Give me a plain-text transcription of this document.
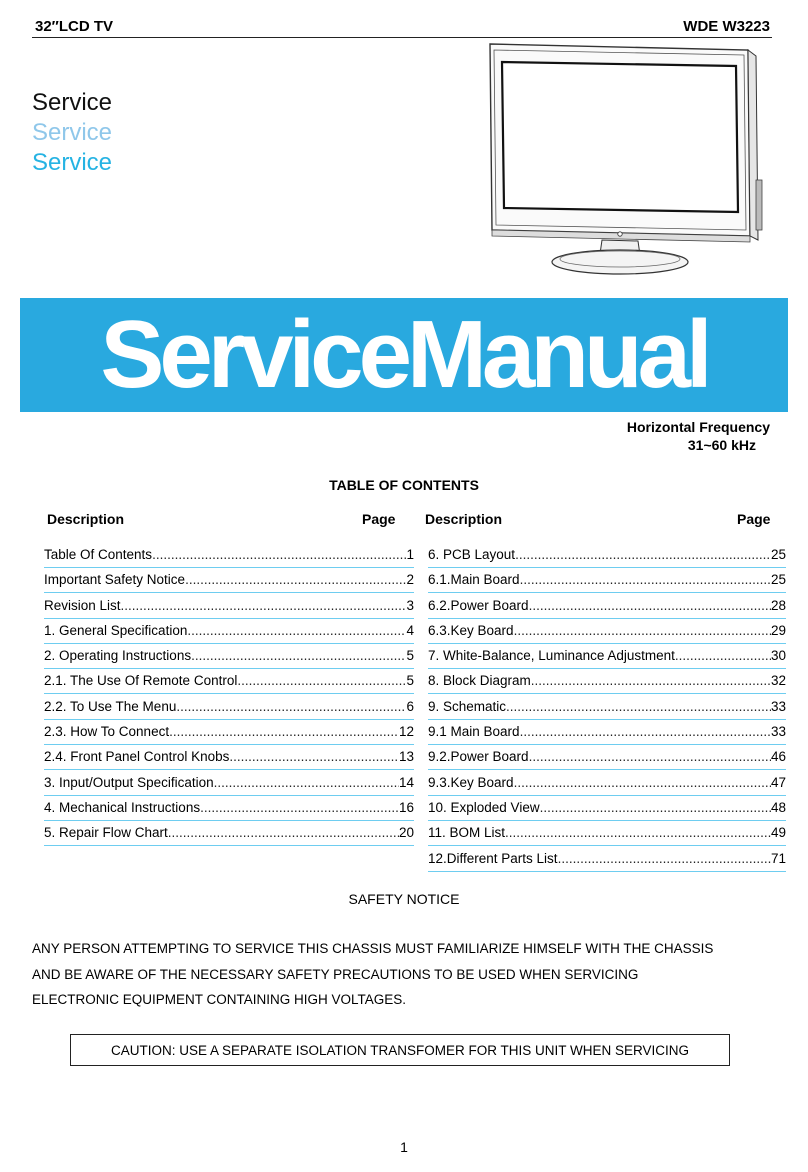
32″LCD TV	WDE W3223
Service
Service
Service
ServiceManual
Horizontal Frequency
31~60 kHz
TABLE OF CONTENTS
Description	Page Description	Page
Table Of Contents .....	1
Important Safety Notice .....	2
Revision List .....	3
1. General Specification .....	4
2. Operating Instructions .....	5
2.1. The Use Of Remote Control .....	5
2.2. To Use The Menu .....	6
2.3. How To Connect .....	12
2.4. Front Panel Control Knobs .....	13
3. Input/Output Specification .....	14
4. Mechanical Instructions .....	16
5. Repair Flow Chart .....	20
6. PCB Layout .....	25
6.1.Main Board .....	25
6.2.Power Board .....	28
6.3.Key Board .....	29
7. White-Balance, Luminance Adjustment .....	30
8. Block Diagram .....	32
9. Schematic .....	33
9.1 Main Board .....	33
9.2.Power Board .....	46
9.3.Key Board .....	47
10. Exploded View .....	48
11. BOM List .....	49
12.Different Parts List .....	71
SAFETY NOTICE
ANY PERSON ATTEMPTING TO SERVICE THIS CHASSIS MUST FAMILIARIZE HIMSELF WITH THE CHASSIS
AND BE AWARE OF THE NECESSARY SAFETY PRECAUTIONS TO BE USED WHEN SERVICING
ELECTRONIC EQUIPMENT CONTAINING HIGH VOLTAGES.
CAUTION: USE A SEPARATE ISOLATION TRANSFOMER FOR THIS UNIT WHEN SERVICING
1
